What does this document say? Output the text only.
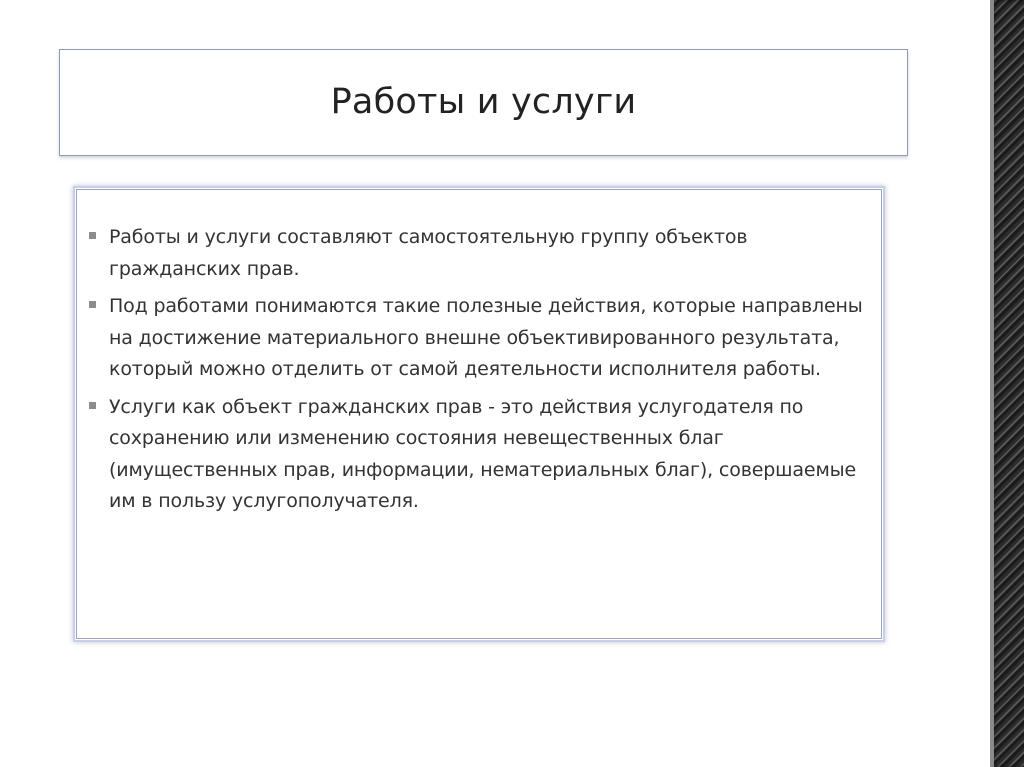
Работы и услуги
Работы и услуги составляют самостоятельную группу объектов гражданских прав.
Под работами понимаются такие полезные действия, которые направлены на достижение материального внешне объективированного результата, который можно отделить от самой деятельности исполнителя работы.
Услуги как объект гражданских прав - это действия услугодателя по сохранению или изменению состояния невещественных благ (имущественных прав, информации, нематериальных благ), совершаемые им в пользу услугополучателя.
